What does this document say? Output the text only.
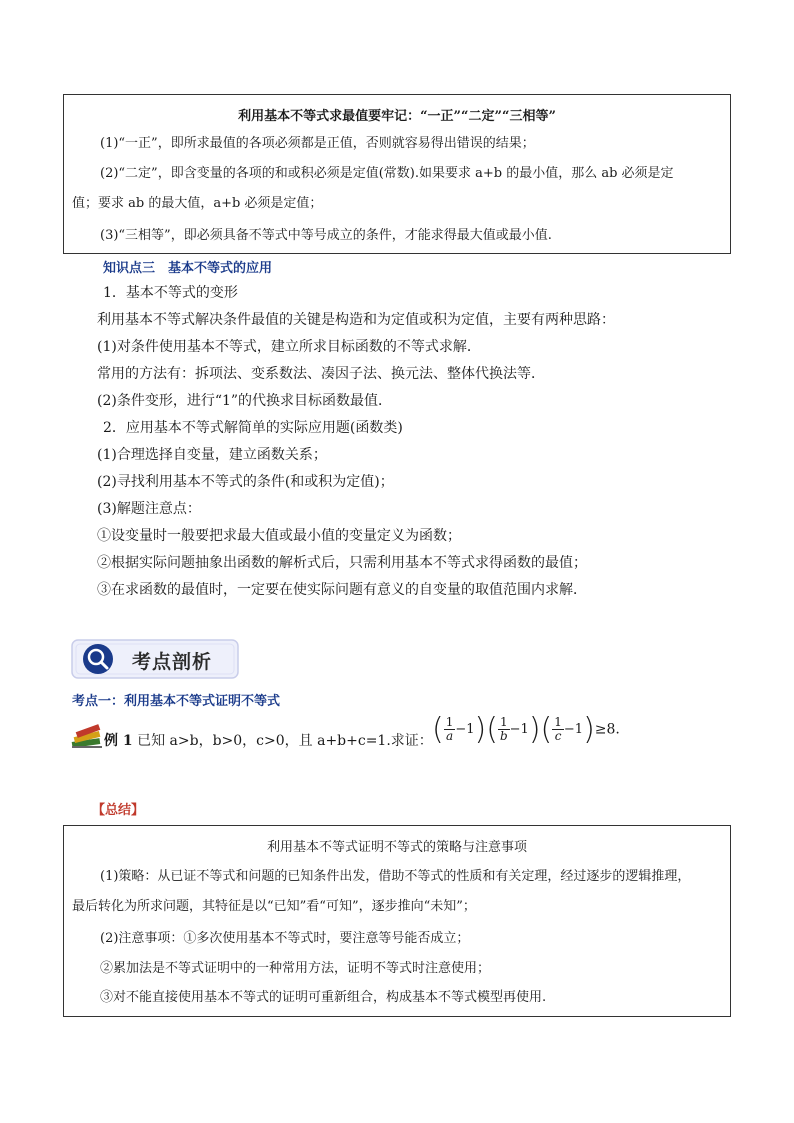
利用基本不等式求最值要牢记：“一正”“二定”“三相等”
(1)“一正”，即所求最值的各项必须都是正值，否则就容易得出错误的结果；
(2)“二定”，即含变量的各项的和或积必须是定值(常数).如果要求 a+b 的最小值，那么 ab 必须是定
值；要求 ab 的最大值，a+b 必须是定值；
(3)“三相等”，即必须具备不等式中等号成立的条件，才能求得最大值或最小值.
知识点三　基本不等式的应用
1．基本不等式的变形
利用基本不等式解决条件最值的关键是构造和为定值或积为定值，主要有两种思路：
(1)对条件使用基本不等式，建立所求目标函数的不等式求解．
常用的方法有：拆项法、变系数法、凑因子法、换元法、整体代换法等．
(2)条件变形，进行“1”的代换求目标函数最值．
2．应用基本不等式解简单的实际应用题(函数类)
(1)合理选择自变量，建立函数关系；
(2)寻找利用基本不等式的条件(和或积为定值)；
(3)解题注意点：
①设变量时一般要把求最大值或最小值的变量定义为函数；
②根据实际问题抽象出函数的解析式后，只需利用基本不等式求得函数的最值；
③在求函数的最值时，一定要在使实际问题有意义的自变量的取值范围内求解．
考点剖析
考点一：利用基本不等式证明不等式
例 1 已知 a>b，b>0，c>0，且 a+b+c=1.求证： ( $\frac{1}{a} -1)( \frac{1}{b} -1)( \frac{1}{c} -1)\ge 8$.
【总结】
利用基本不等式证明不等式的策略与注意事项
(1)策略：从已证不等式和问题的已知条件出发，借助不等式的性质和有关定理，经过逐步的逻辑推理，
最后转化为所求问题，其特征是以“已知”看“可知”，逐步推向“未知”；
(2)注意事项：①多次使用基本不等式时，要注意等号能否成立；
②累加法是不等式证明中的一种常用方法，证明不等式时注意使用；
③对不能直接使用基本不等式的证明可重新组合，构成基本不等式模型再使用.
